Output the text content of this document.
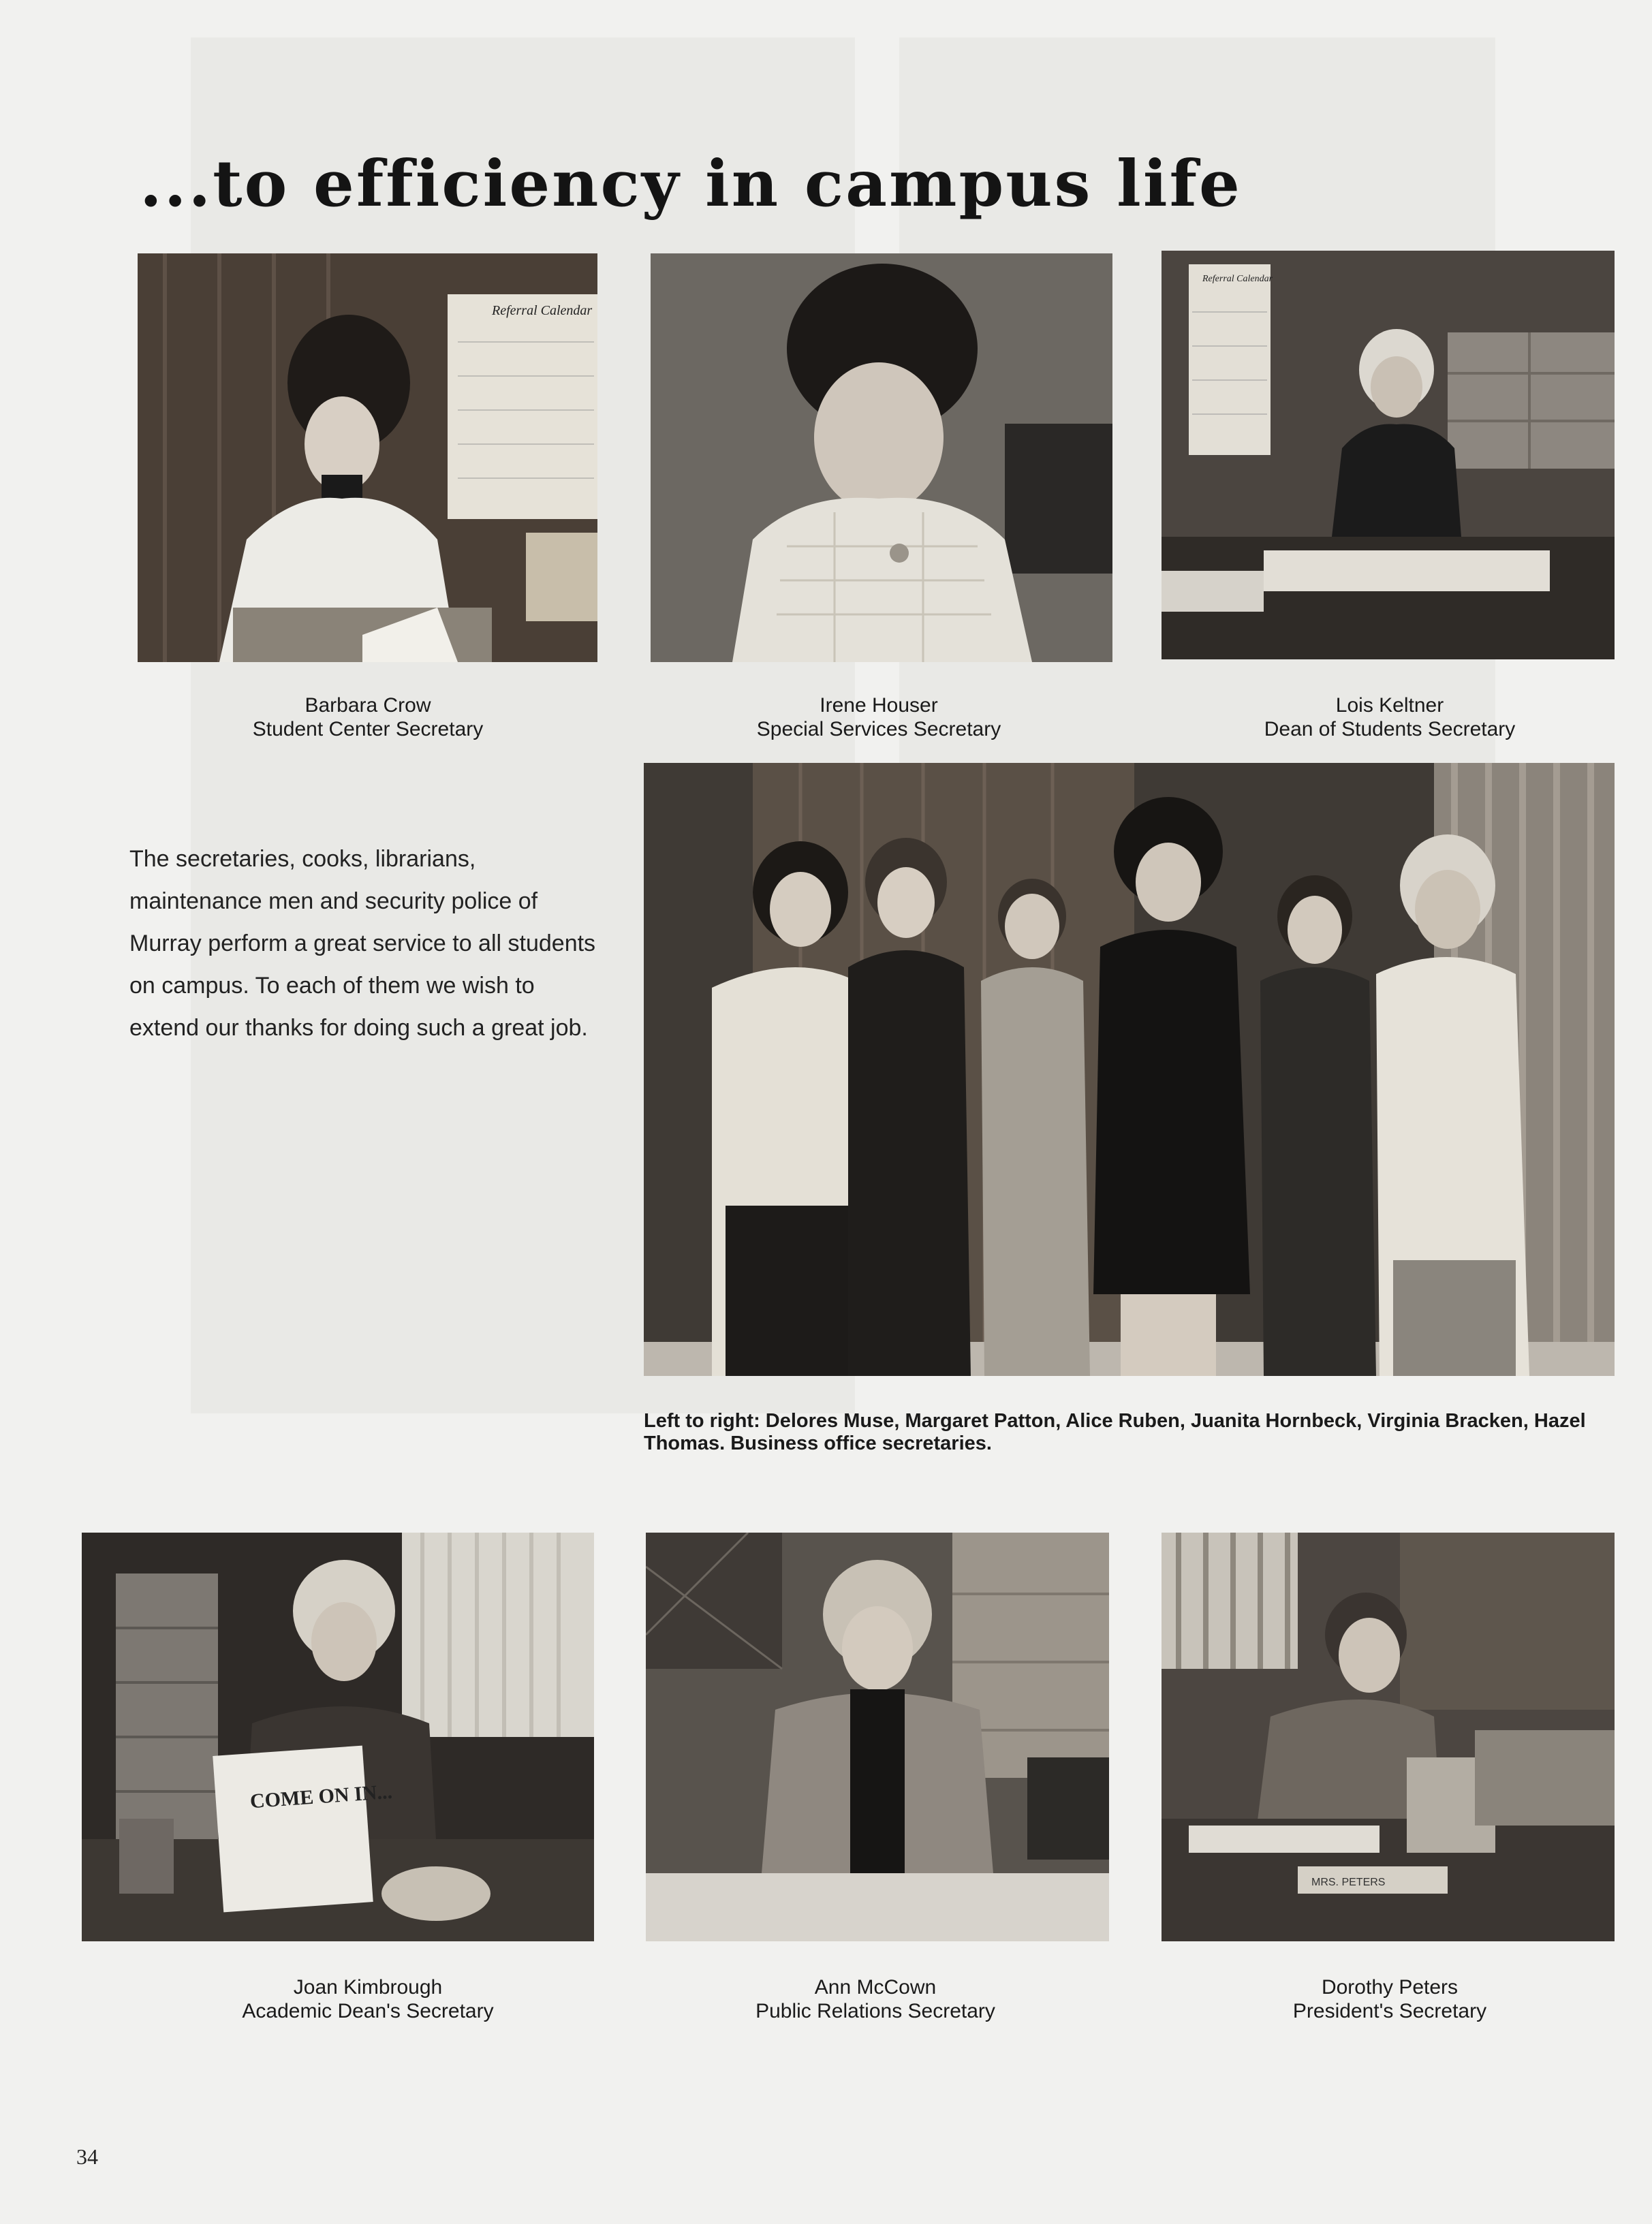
...to efficiency in campus life
Referral Calendar
Referral Calendar
Barbara Crow
Student Center Secretary
Irene Houser
Special Services Secretary
Lois Keltner
Dean of Students Secretary

The secretaries, cooks, librarians, maintenance men and security police of Murray perform a great service to all students on campus. To each of them we wish to extend our thanks for doing such a great job.

Left to right: Delores Muse, Margaret Patton, Alice Ruben, Juanita Hornbeck, Virginia Bracken, Hazel Thomas. Business office secretaries.

COME ON IN...
MRS. PETERS
Joan Kimbrough
Academic Dean's Secretary
Ann McCown
Public Relations Secretary
Dorothy Peters
President's Secretary
34
